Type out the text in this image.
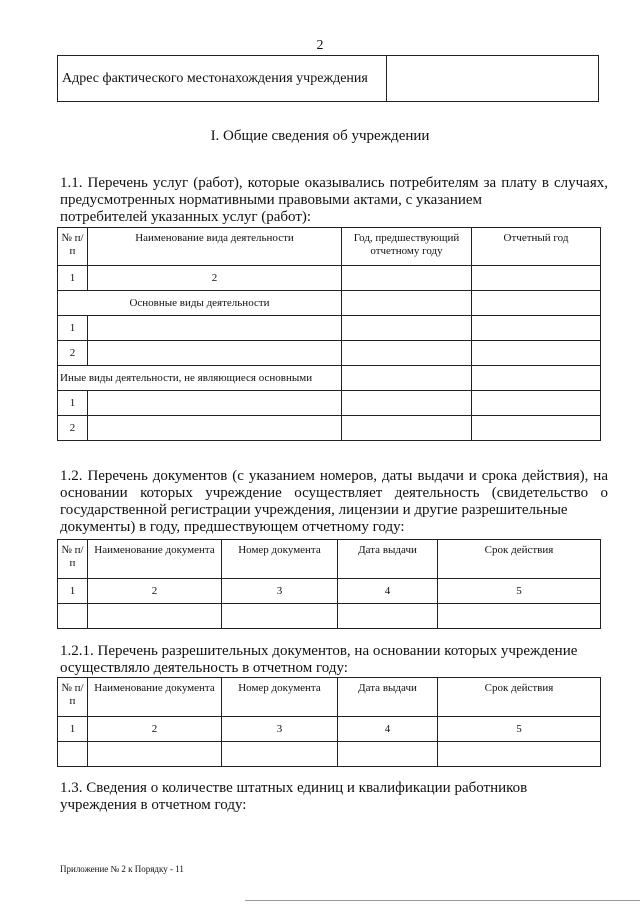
2
Адрес фактического местонахождения учреждения	
I. Общие сведения об учреждении
1.1. Перечень услуг (работ), которые оказывались потребителям за плату в случаях, предусмотренных нормативными правовыми актами, с указанием
потребителей указанных услуг (работ):
№ п/п	Наименование вида деятельности	Год, предшествующий отчетному году	Отчетный год
1	2		
Основные виды деятельности			
1			
2			
Иные виды деятельности, не являющиеся основными			
1			
2			
1.2. Перечень документов (с указанием номеров, даты выдачи и срока действия), на основании которых учреждение осуществляет деятельность (свидетельство о государственной регистрации учреждения, лицензии и другие разрешительные
документы) в году, предшествующем отчетному году:
№ п/п	Наименование документа	Номер документа	Дата выдачи	Срок действия
1	2	3	4	5

1.2.1. Перечень разрешительных документов, на основании которых учреждение
осуществляло деятельность в отчетном году:
№ п/п	Наименование документа	Номер документа	Дата выдачи	Срок действия
1	2	3	4	5

1.3. Сведения о количестве штатных единиц и квалификации работников
учреждения в отчетном году:
Приложение № 2 к Порядку - 11
